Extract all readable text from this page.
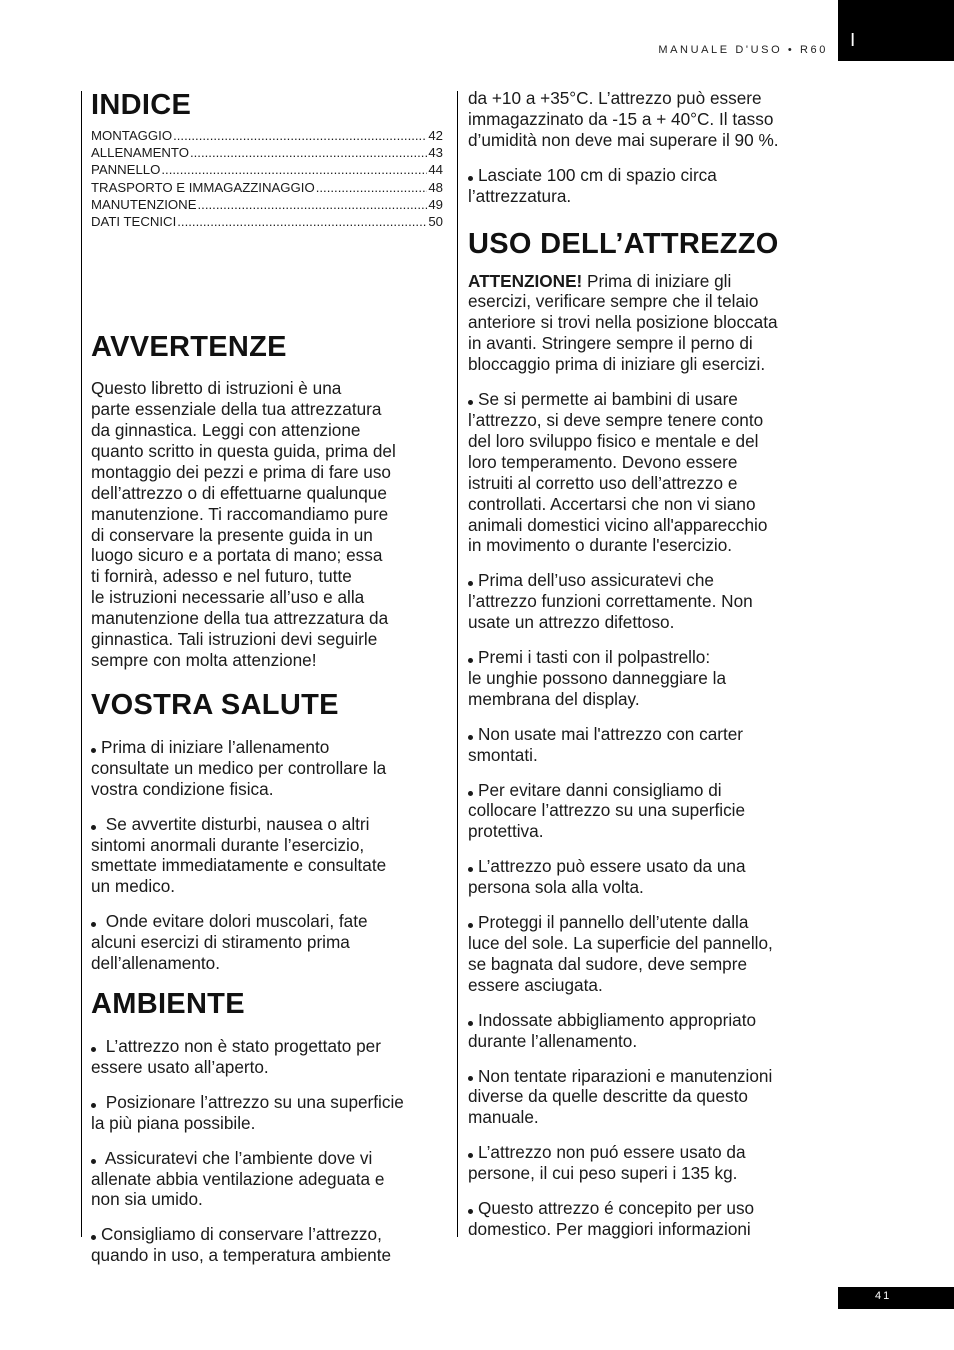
MANUALE D'USO • R60 I
41
INDICE
MONTAGGIO .....	42
ALLENAMENTO .....	43
PANNELLO .....	44
TRASPORTO E IMMAGAZZINAGGIO .....	48
MANUTENZIONE .....	49
DATI TECNICI .....	50
AVVERTENZE

Questo libretto di istruzioni è una
parte essenziale della tua attrezzatura
da ginnastica. Leggi con attenzione
quanto scritto in questa guida, prima del
montaggio dei pezzi e prima di fare uso
dell’attrezzo o di effettuarne qualunque
manutenzione. Ti raccomandiamo pure
di conservare la presente guida in un
luogo sicuro e a portata di mano; essa
ti fornirà, adesso e nel futuro, tutte
le istruzioni necessarie all’uso e alla
manutenzione della tua attrezzatura da
ginnastica. Tali istruzioni devi seguirle
sempre con molta attenzione!

VOSTRA SALUTE

Prima di iniziare l’allenamento
consultate un medico per controllare la
vostra condizione fisica.

Se avvertite disturbi, nausea o altri
sintomi anormali durante l’esercizio,
smettate immediatamente e consultate
un medico.

Onde evitare dolori muscolari, fate
alcuni esercizi di stiramento prima
dell’allenamento.

AMBIENTE

L’attrezzo non è stato progettato per
essere usato all’aperto.

Posizionare l’attrezzo su una superficie
la più piana possibile.

Assicuratevi che l’ambiente dove vi
allenate abbia ventilazione adeguata e
non sia umido.

Consigliamo di conservare l’attrezzo,
quando in uso, a temperatura ambiente

da +10 a +35°C. L’attrezzo può essere
immagazzinato da -15 a + 40°C. Il tasso
d’umidità non deve mai superare il 90 %.

Lasciate 100 cm di spazio circa
l’attrezzatura.

USO DELL’ATTREZZO

ATTENZIONE! Prima di iniziare gli
esercizi, verificare sempre che il telaio
anteriore si trovi nella posizione bloccata
in avanti. Stringere sempre il perno di
bloccaggio prima di iniziare gli esercizi.

Se si permette ai bambini di usare
l’attrezzo, si deve sempre tenere conto
del loro sviluppo fisico e mentale e del
loro temperamento. Devono essere
istruiti al corretto uso dell’attrezzo e
controllati. Accertarsi che non vi siano
animali domestici vicino all'apparecchio
in movimento o durante l'esercizio.

Prima dell’uso assicuratevi che
l’attrezzo funzioni correttamente. Non
usate un attrezzo difettoso.

Premi i tasti con il polpastrello:
le unghie possono danneggiare la
membrana del display.

Non usate mai l'attrezzo con carter
smontati.

Per evitare danni consigliamo di
collocare l’attrezzo su una superficie
protettiva.

L’attrezzo può essere usato da una
persona sola alla volta.

Proteggi il pannello dell’utente dalla
luce del sole. La superficie del pannello,
se bagnata dal sudore, deve sempre
essere asciugata.

Indossate abbigliamento appropriato
durante l’allenamento.

Non tentate riparazioni e manutenzioni
diverse da quelle descritte da questo
manuale.

L’attrezzo non puó essere usato da
persone, il cui peso superi i 135 kg.

Questo attrezzo é concepito per uso
domestico. Per maggiori informazioni
